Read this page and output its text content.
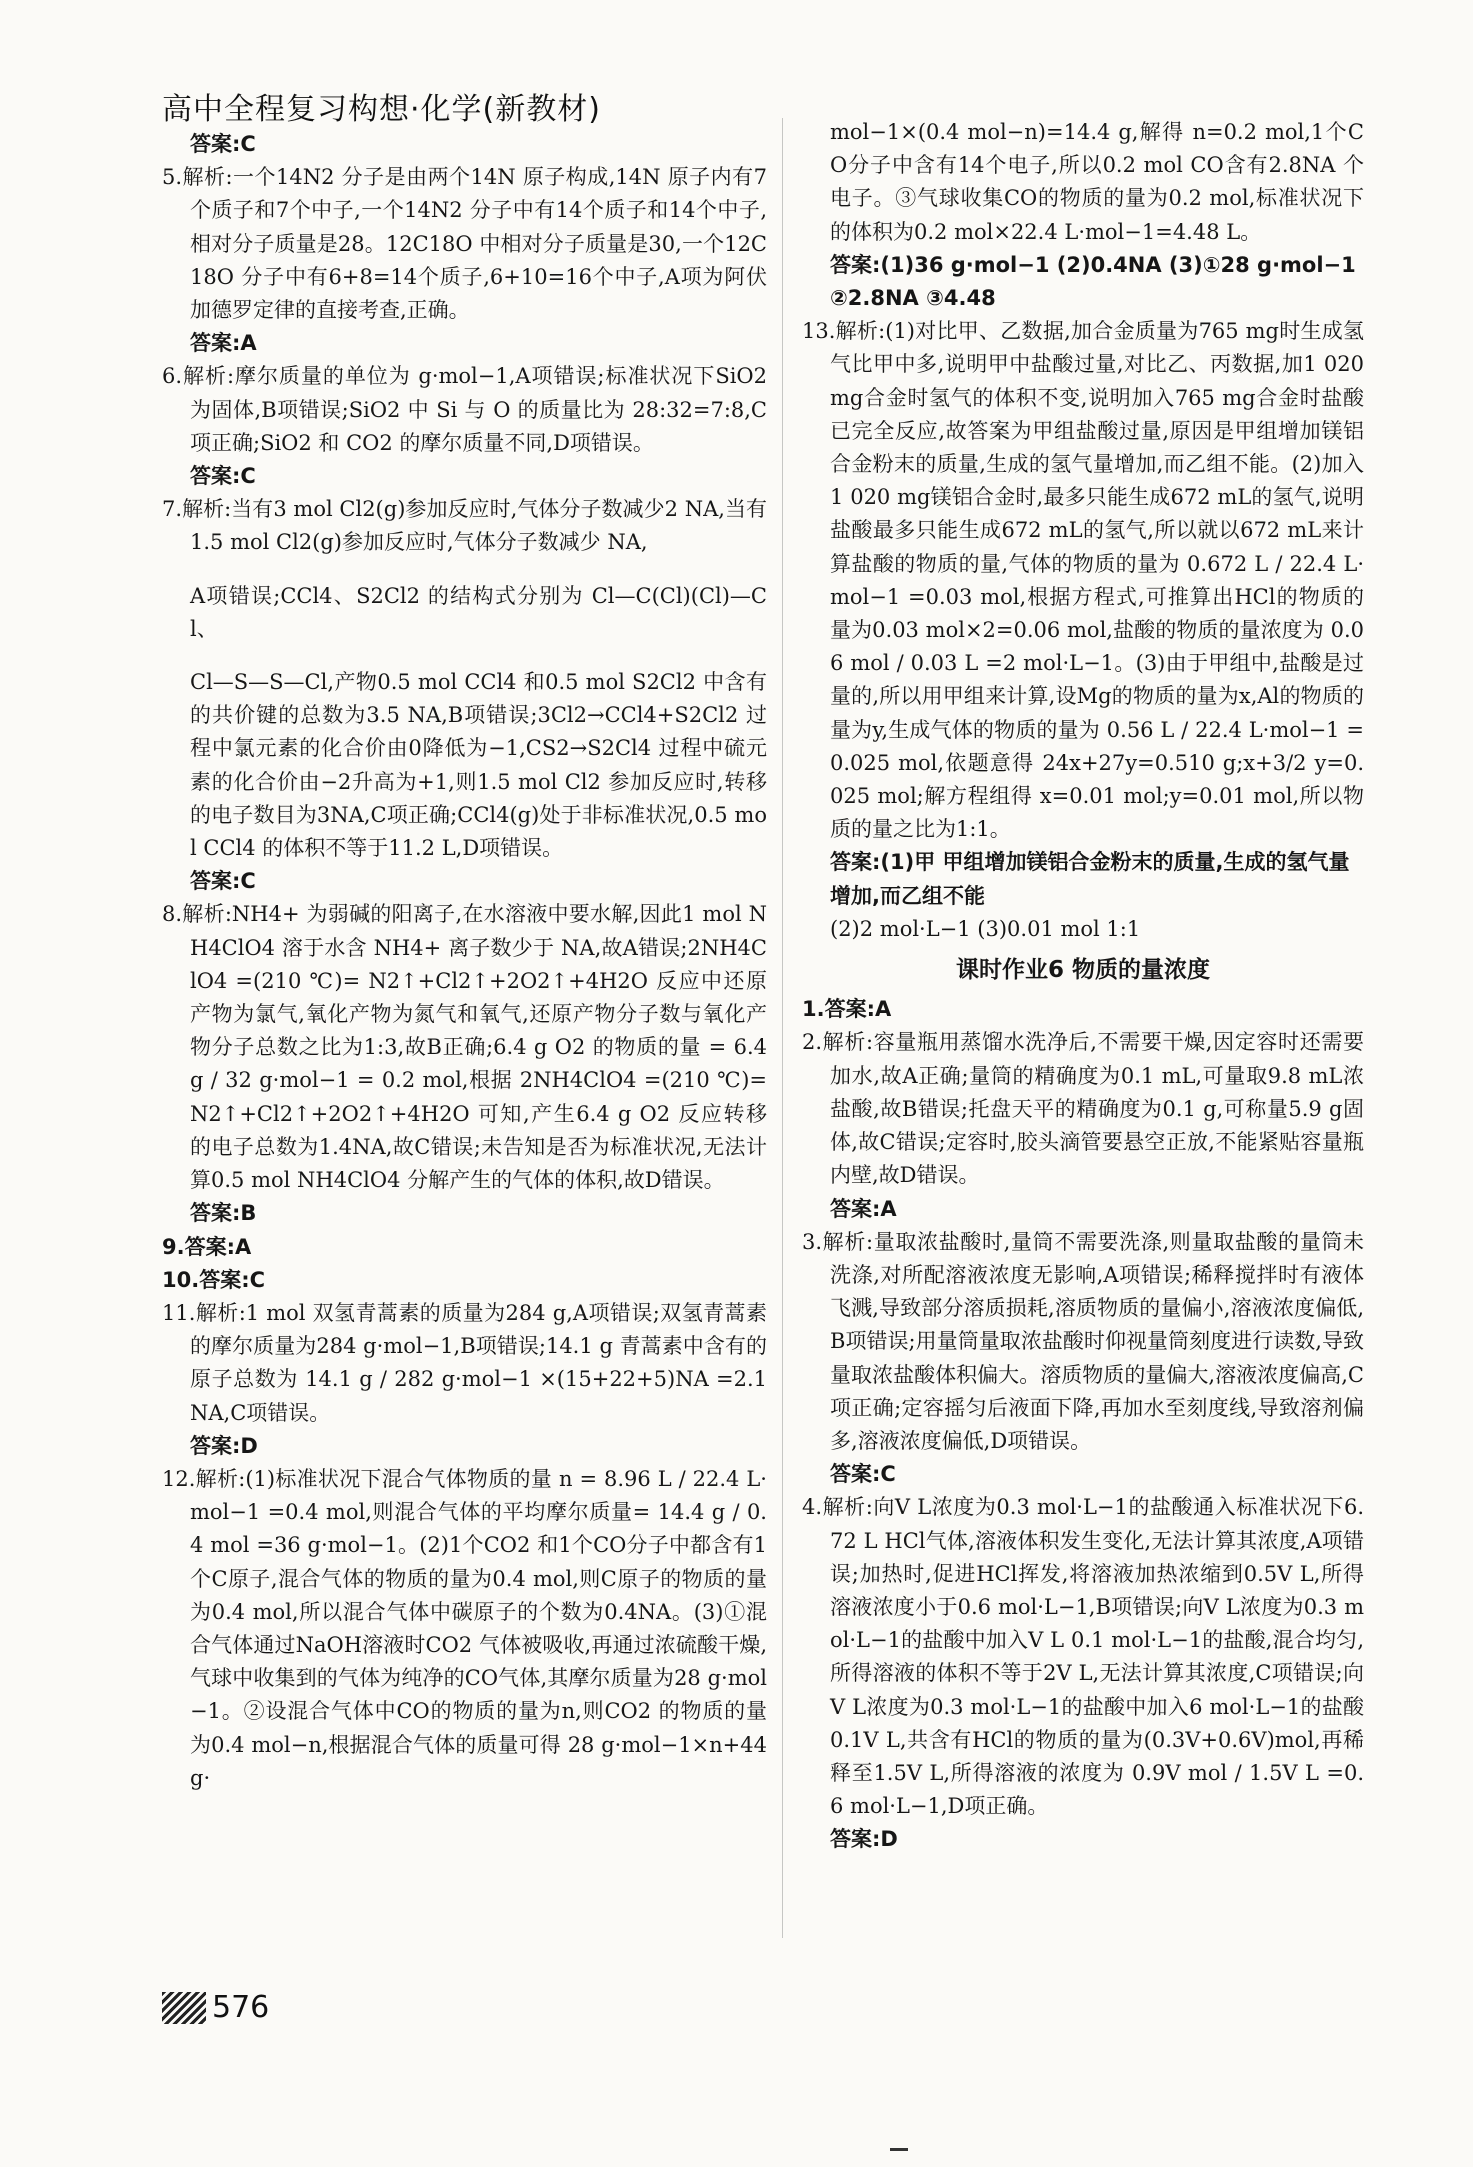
高中全程复习构想·化学(新教材)
答案:C
5.解析:一个14N2 分子是由两个14N 原子构成,14N 原子内有7个质子和7个中子,一个14N2 分子中有14个质子和14个中子,相对分子质量是28。12C18O 中相对分子质量是30,一个12C18O 分子中有6+8=14个质子,6+10=16个中子,A项为阿伏加德罗定律的直接考查,正确。
答案:A
6.解析:摩尔质量的单位为 g·mol−1,A项错误;标准状况下SiO2 为固体,B项错误;SiO2 中 Si 与 O 的质量比为 28:32=7:8,C项正确;SiO2 和 CO2 的摩尔质量不同,D项错误。
答案:C
7.解析:当有3 mol Cl2(g)参加反应时,气体分子数减少2 NA,当有1.5 mol Cl2(g)参加反应时,气体分子数减少 NA,
A项错误;CCl4、S2Cl2 的结构式分别为 Cl—C(Cl)(Cl)—Cl、
Cl—S—S—Cl,产物0.5 mol CCl4 和0.5 mol S2Cl2 中含有的共价键的总数为3.5 NA,B项错误;3Cl2→CCl4+S2Cl2 过程中氯元素的化合价由0降低为−1,CS2→S2Cl4 过程中硫元素的化合价由−2升高为+1,则1.5 mol Cl2 参加反应时,转移的电子数目为3NA,C项正确;CCl4(g)处于非标准状况,0.5 mol CCl4 的体积不等于11.2 L,D项错误。
答案:C
8.解析:NH4+ 为弱碱的阳离子,在水溶液中要水解,因此1 mol NH4ClO4 溶于水含 NH4+ 离子数少于 NA,故A错误;2NH4ClO4 =(210 ℃)= N2↑+Cl2↑+2O2↑+4H2O 反应中还原产物为氯气,氧化产物为氮气和氧气,还原产物分子数与氧化产物分子总数之比为1:3,故B正确;6.4 g O2 的物质的量 = 6.4 g / 32 g·mol−1 = 0.2 mol,根据 2NH4ClO4 =(210 ℃)= N2↑+Cl2↑+2O2↑+4H2O 可知,产生6.4 g O2 反应转移的电子总数为1.4NA,故C错误;未告知是否为标准状况,无法计算0.5 mol NH4ClO4 分解产生的气体的体积,故D错误。
答案:B
9.答案:A
10.答案:C
11.解析:1 mol 双氢青蒿素的质量为284 g,A项错误;双氢青蒿素的摩尔质量为284 g·mol−1,B项错误;14.1 g 青蒿素中含有的原子总数为 14.1 g / 282 g·mol−1 ×(15+22+5)NA =2.1NA,C项错误。
答案:D
12.解析:(1)标准状况下混合气体物质的量 n = 8.96 L / 22.4 L·mol−1 =0.4 mol,则混合气体的平均摩尔质量= 14.4 g / 0.4 mol =36 g·mol−1。(2)1个CO2 和1个CO分子中都含有1个C原子,混合气体的物质的量为0.4 mol,则C原子的物质的量为0.4 mol,所以混合气体中碳原子的个数为0.4NA。(3)①混合气体通过NaOH溶液时CO2 气体被吸收,再通过浓硫酸干燥,气球中收集到的气体为纯净的CO气体,其摩尔质量为28 g·mol−1。②设混合气体中CO的物质的量为n,则CO2 的物质的量为0.4 mol−n,根据混合气体的质量可得 28 g·mol−1×n+44 g·
mol−1×(0.4 mol−n)=14.4 g,解得 n=0.2 mol,1个CO分子中含有14个电子,所以0.2 mol CO含有2.8NA 个电子。③气球收集CO的物质的量为0.2 mol,标准状况下的体积为0.2 mol×22.4 L·mol−1=4.48 L。
答案:(1)36 g·mol−1 (2)0.4NA (3)①28 g·mol−1 ②2.8NA ③4.48
13.解析:(1)对比甲、乙数据,加合金质量为765 mg时生成氢气比甲中多,说明甲中盐酸过量,对比乙、丙数据,加1 020 mg合金时氢气的体积不变,说明加入765 mg合金时盐酸已完全反应,故答案为甲组盐酸过量,原因是甲组增加镁铝合金粉末的质量,生成的氢气量增加,而乙组不能。(2)加入1 020 mg镁铝合金时,最多只能生成672 mL的氢气,说明盐酸最多只能生成672 mL的氢气,所以就以672 mL来计算盐酸的物质的量,气体的物质的量为 0.672 L / 22.4 L·mol−1 =0.03 mol,根据方程式,可推算出HCl的物质的量为0.03 mol×2=0.06 mol,盐酸的物质的量浓度为 0.06 mol / 0.03 L =2 mol·L−1。(3)由于甲组中,盐酸是过量的,所以用甲组来计算,设Mg的物质的量为x,Al的物质的量为y,生成气体的物质的量为 0.56 L / 22.4 L·mol−1 =0.025 mol,依题意得 24x+27y=0.510 g;x+3/2 y=0.025 mol;解方程组得 x=0.01 mol;y=0.01 mol,所以物质的量之比为1:1。
答案:(1)甲 甲组增加镁铝合金粉末的质量,生成的氢气量增加,而乙组不能
(2)2 mol·L−1 (3)0.01 mol 1:1
课时作业6 物质的量浓度
1.答案:A
2.解析:容量瓶用蒸馏水洗净后,不需要干燥,因定容时还需要加水,故A正确;量筒的精确度为0.1 mL,可量取9.8 mL浓盐酸,故B错误;托盘天平的精确度为0.1 g,可称量5.9 g固体,故C错误;定容时,胶头滴管要悬空正放,不能紧贴容量瓶内壁,故D错误。
答案:A
3.解析:量取浓盐酸时,量筒不需要洗涤,则量取盐酸的量筒未洗涤,对所配溶液浓度无影响,A项错误;稀释搅拌时有液体飞溅,导致部分溶质损耗,溶质物质的量偏小,溶液浓度偏低,B项错误;用量筒量取浓盐酸时仰视量筒刻度进行读数,导致量取浓盐酸体积偏大。溶质物质的量偏大,溶液浓度偏高,C项正确;定容摇匀后液面下降,再加水至刻度线,导致溶剂偏多,溶液浓度偏低,D项错误。
答案:C
4.解析:向V L浓度为0.3 mol·L−1的盐酸通入标准状况下6.72 L HCl气体,溶液体积发生变化,无法计算其浓度,A项错误;加热时,促进HCl挥发,将溶液加热浓缩到0.5V L,所得溶液浓度小于0.6 mol·L−1,B项错误;向V L浓度为0.3 mol·L−1的盐酸中加入V L 0.1 mol·L−1的盐酸,混合均匀,所得溶液的体积不等于2V L,无法计算其浓度,C项错误;向V L浓度为0.3 mol·L−1的盐酸中加入6 mol·L−1的盐酸0.1V L,共含有HCl的物质的量为(0.3V+0.6V)mol,再稀释至1.5V L,所得溶液的浓度为 0.9V mol / 1.5V L =0.6 mol·L−1,D项正确。
答案:D
576
